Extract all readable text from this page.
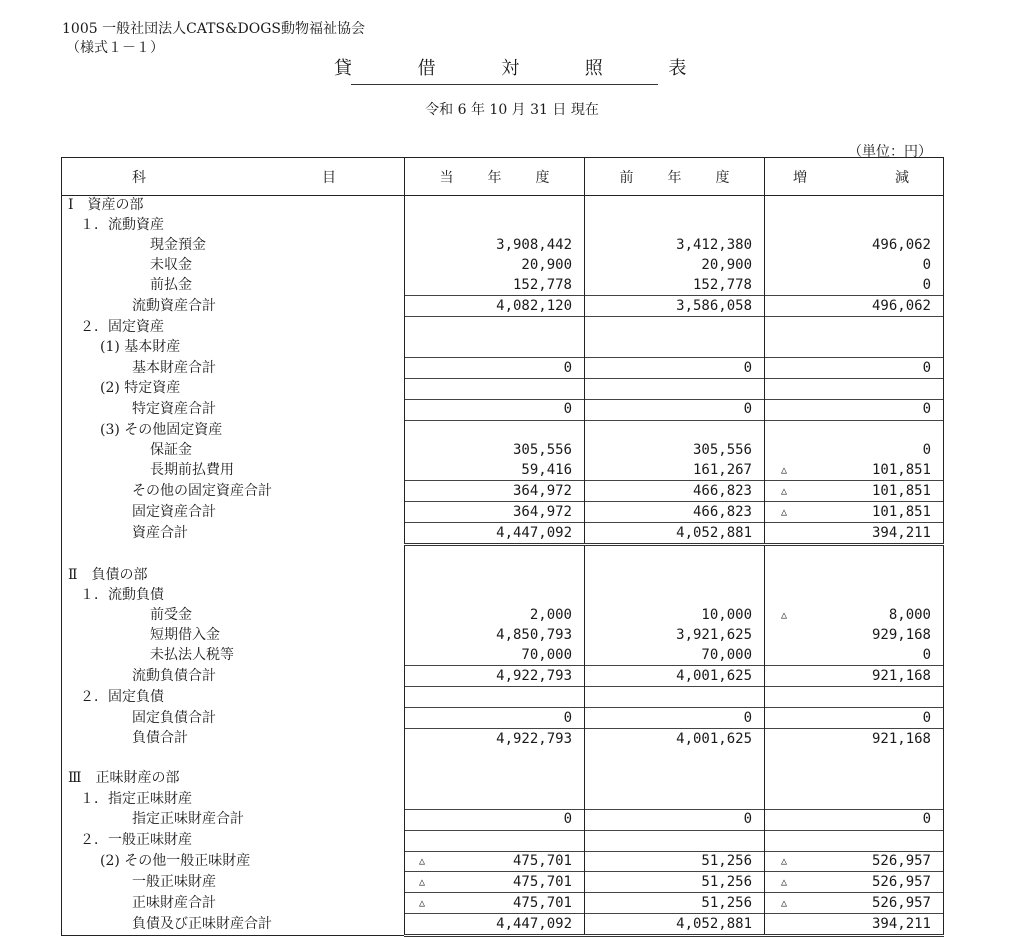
1005 一般社団法人CATS&DOGS動物福祉協会
（様式１－１）
貸	借	対	照	表
令和 6 年 10 月 31 日 現在
（単位：円）
科 目	当 年 度	前 年 度	増 減
Ⅰ　資産の部			
１．流動資産			
現金預金	3,908,442	3,412,380	496,062
未収金	20,900	20,900	0
前払金	152,778	152,778	0
流動資産合計	4,082,120	3,586,058	496,062
２．固定資産			
(1) 基本財産			
基本財産合計	0	0	0
(2) 特定資産			
特定資産合計	0	0	0
(3) その他固定資産			
保証金	305,556	305,556	0
長期前払費用	59,416	161,267	△ 101,851
その他の固定資産合計	364,972	466,823	△ 101,851
固定資産合計	364,972	466,823	△ 101,851
資産合計	4,447,092	4,052,881	394,211

Ⅱ　負債の部			
１．流動負債			
前受金	2,000	10,000	△ 8,000
短期借入金	4,850,793	3,921,625	929,168
未払法人税等	70,000	70,000	0
流動負債合計	4,922,793	4,001,625	921,168
２．固定負債			
固定負債合計	0	0	0
負債合計	4,922,793	4,001,625	921,168

Ⅲ　正味財産の部			
１．指定正味財産			
指定正味財産合計	0	0	0
２．一般正味財産			
(2) その他一般正味財産	△ 475,701	51,256	△ 526,957
一般正味財産	△ 475,701	51,256	△ 526,957
正味財産合計	△ 475,701	51,256	△ 526,957
負債及び正味財産合計	4,447,092	4,052,881	394,211
